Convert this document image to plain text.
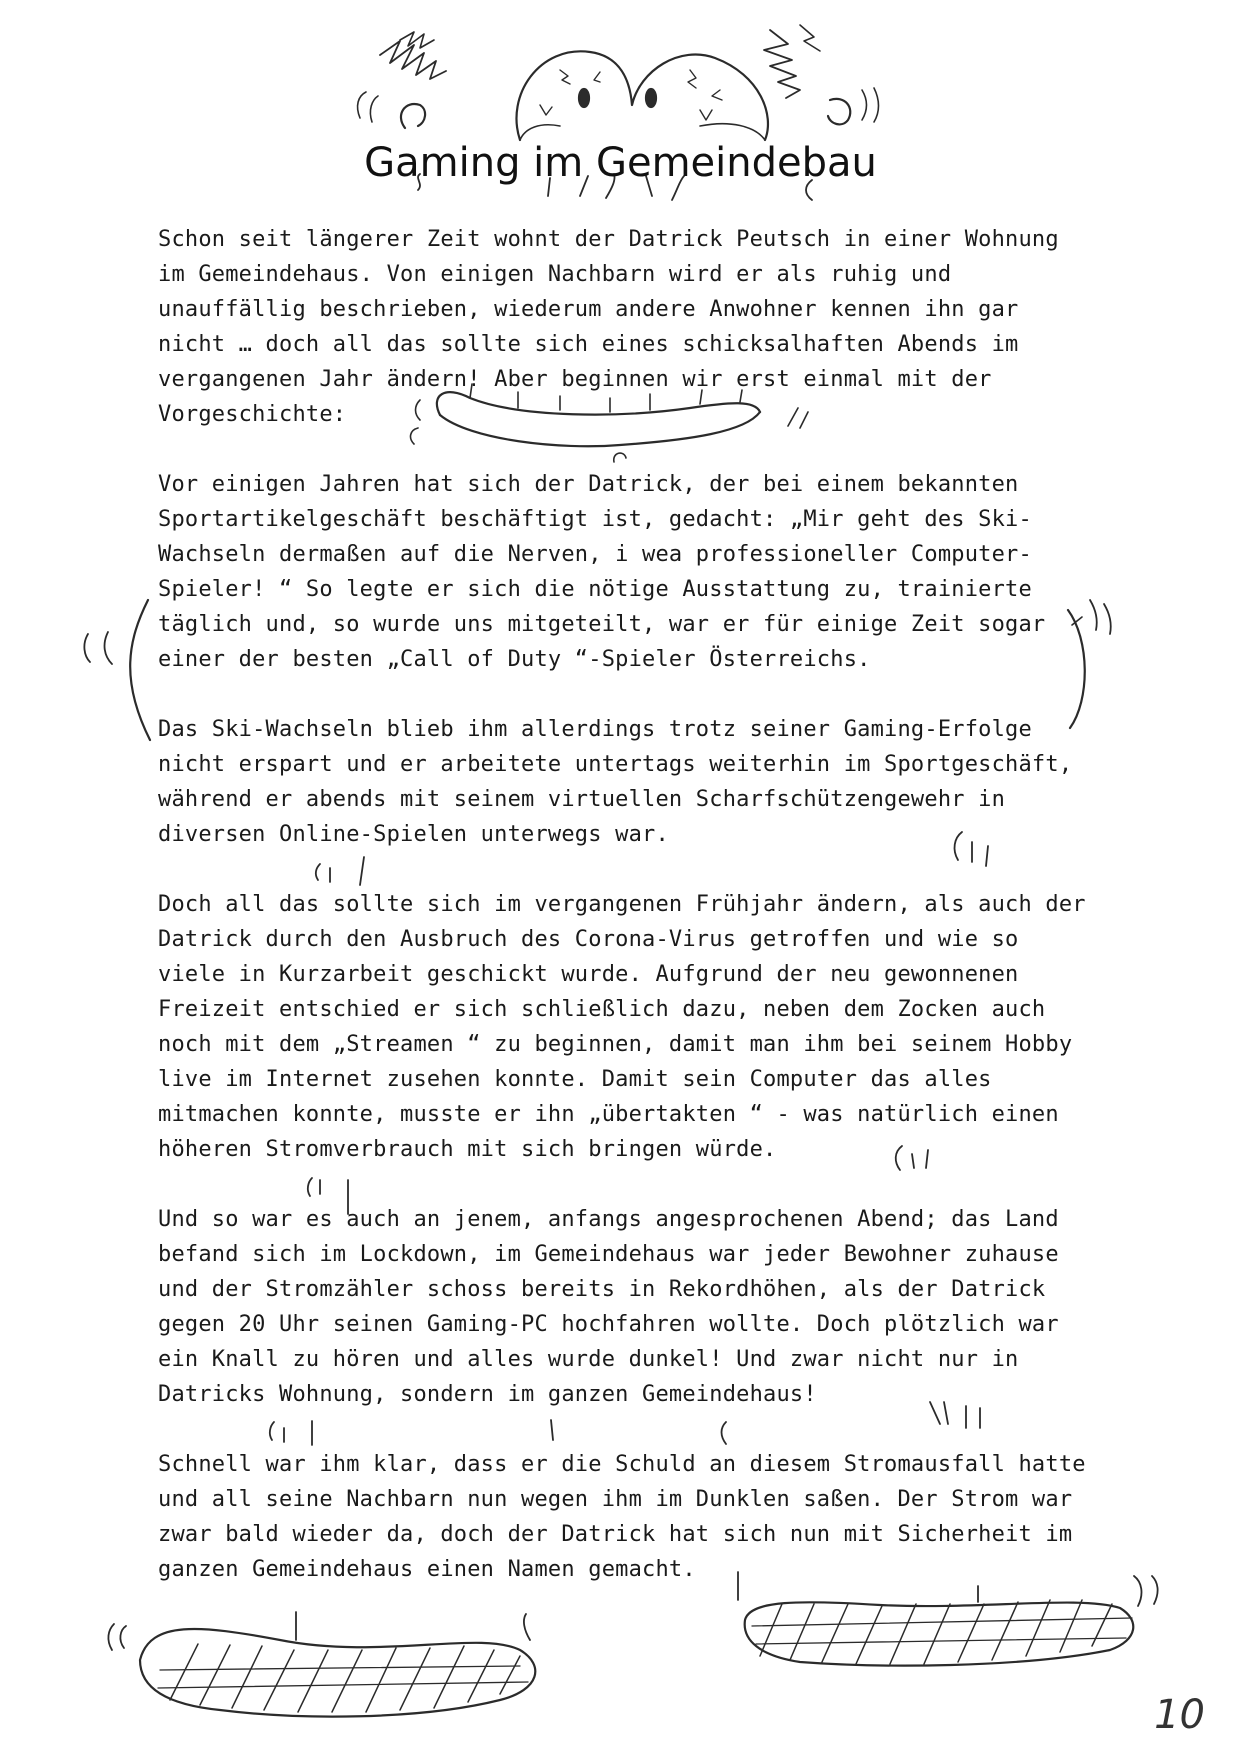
Gaming im Gemeindebau

Schon seit längerer Zeit wohnt der Datrick Peutsch in einer Wohnung
im Gemeindehaus. Von einigen Nachbarn wird er als ruhig und
unauffällig beschrieben, wiederum andere Anwohner kennen ihn gar
nicht … doch all das sollte sich eines schicksalhaften Abends im
vergangenen Jahr ändern! Aber beginnen wir erst einmal mit der
Vorgeschichte:

Vor einigen Jahren hat sich der Datrick, der bei einem bekannten
Sportartikelgeschäft beschäftigt ist, gedacht: „Mir geht des Ski-
Wachseln dermaßen auf die Nerven, i wea professioneller Computer-
Spieler! “ So legte er sich die nötige Ausstattung zu, trainierte
täglich und, so wurde uns mitgeteilt, war er für einige Zeit sogar
einer der besten „Call of Duty “-Spieler Österreichs.

Das Ski-Wachseln blieb ihm allerdings trotz seiner Gaming-Erfolge
nicht erspart und er arbeitete untertags weiterhin im Sportgeschäft,
während er abends mit seinem virtuellen Scharfschützengewehr in
diversen Online-Spielen unterwegs war.

Doch all das sollte sich im vergangenen Frühjahr ändern, als auch der
Datrick durch den Ausbruch des Corona-Virus getroffen und wie so
viele in Kurzarbeit geschickt wurde. Aufgrund der neu gewonnenen
Freizeit entschied er sich schließlich dazu, neben dem Zocken auch
noch mit dem „Streamen “ zu beginnen, damit man ihm bei seinem Hobby
live im Internet zusehen konnte. Damit sein Computer das alles
mitmachen konnte, musste er ihn „übertakten “ - was natürlich einen
höheren Stromverbrauch mit sich bringen würde.

Und so war es auch an jenem, anfangs angesprochenen Abend; das Land
befand sich im Lockdown, im Gemeindehaus war jeder Bewohner zuhause
und der Stromzähler schoss bereits in Rekordhöhen, als der Datrick
gegen 20 Uhr seinen Gaming-PC hochfahren wollte. Doch plötzlich war
ein Knall zu hören und alles wurde dunkel! Und zwar nicht nur in
Datricks Wohnung, sondern im ganzen Gemeindehaus!

Schnell war ihm klar, dass er die Schuld an diesem Stromausfall hatte
und all seine Nachbarn nun wegen ihm im Dunklen saßen. Der Strom war
zwar bald wieder da, doch der Datrick hat sich nun mit Sicherheit im
ganzen Gemeindehaus einen Namen gemacht.

10
